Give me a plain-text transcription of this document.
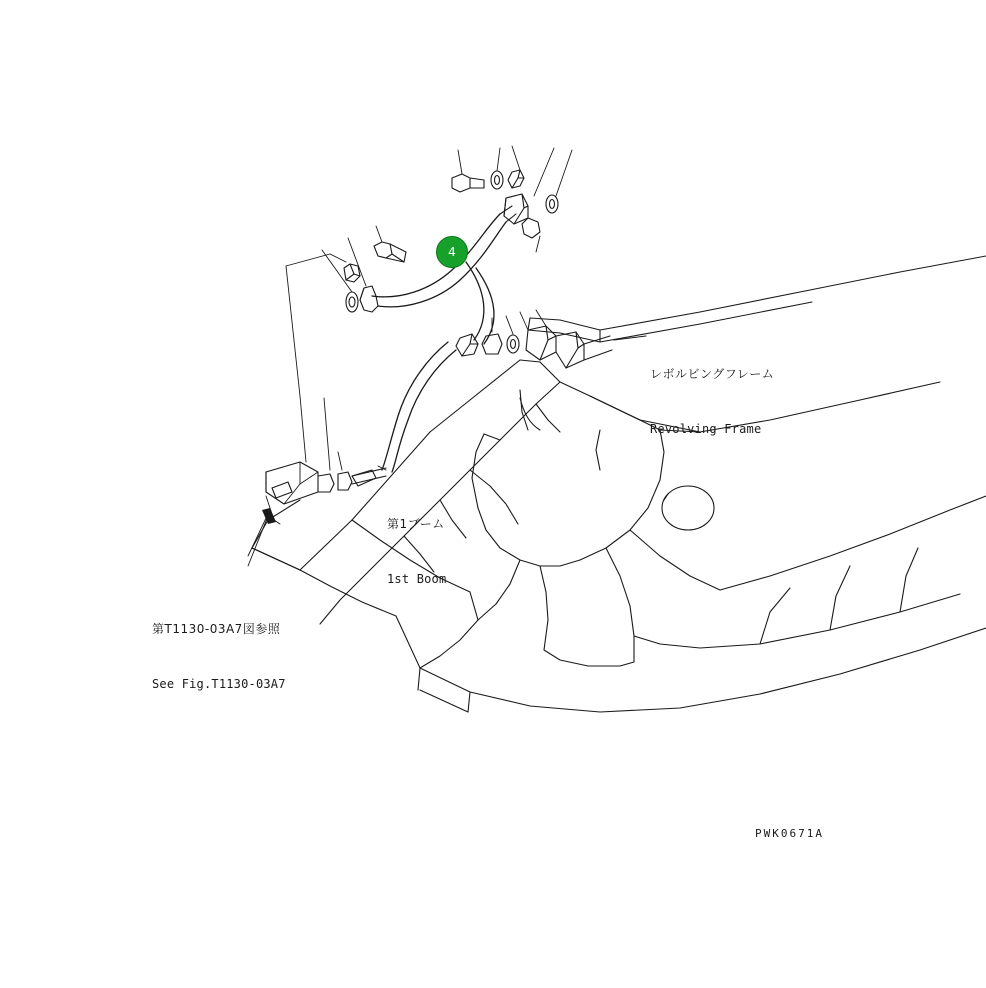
4

レボルビングフレーム

Revolving Frame

第1ブーム

1st Boom

第T1130-03A7図参照

See Fig.T1130-03A7

PWK0671A
